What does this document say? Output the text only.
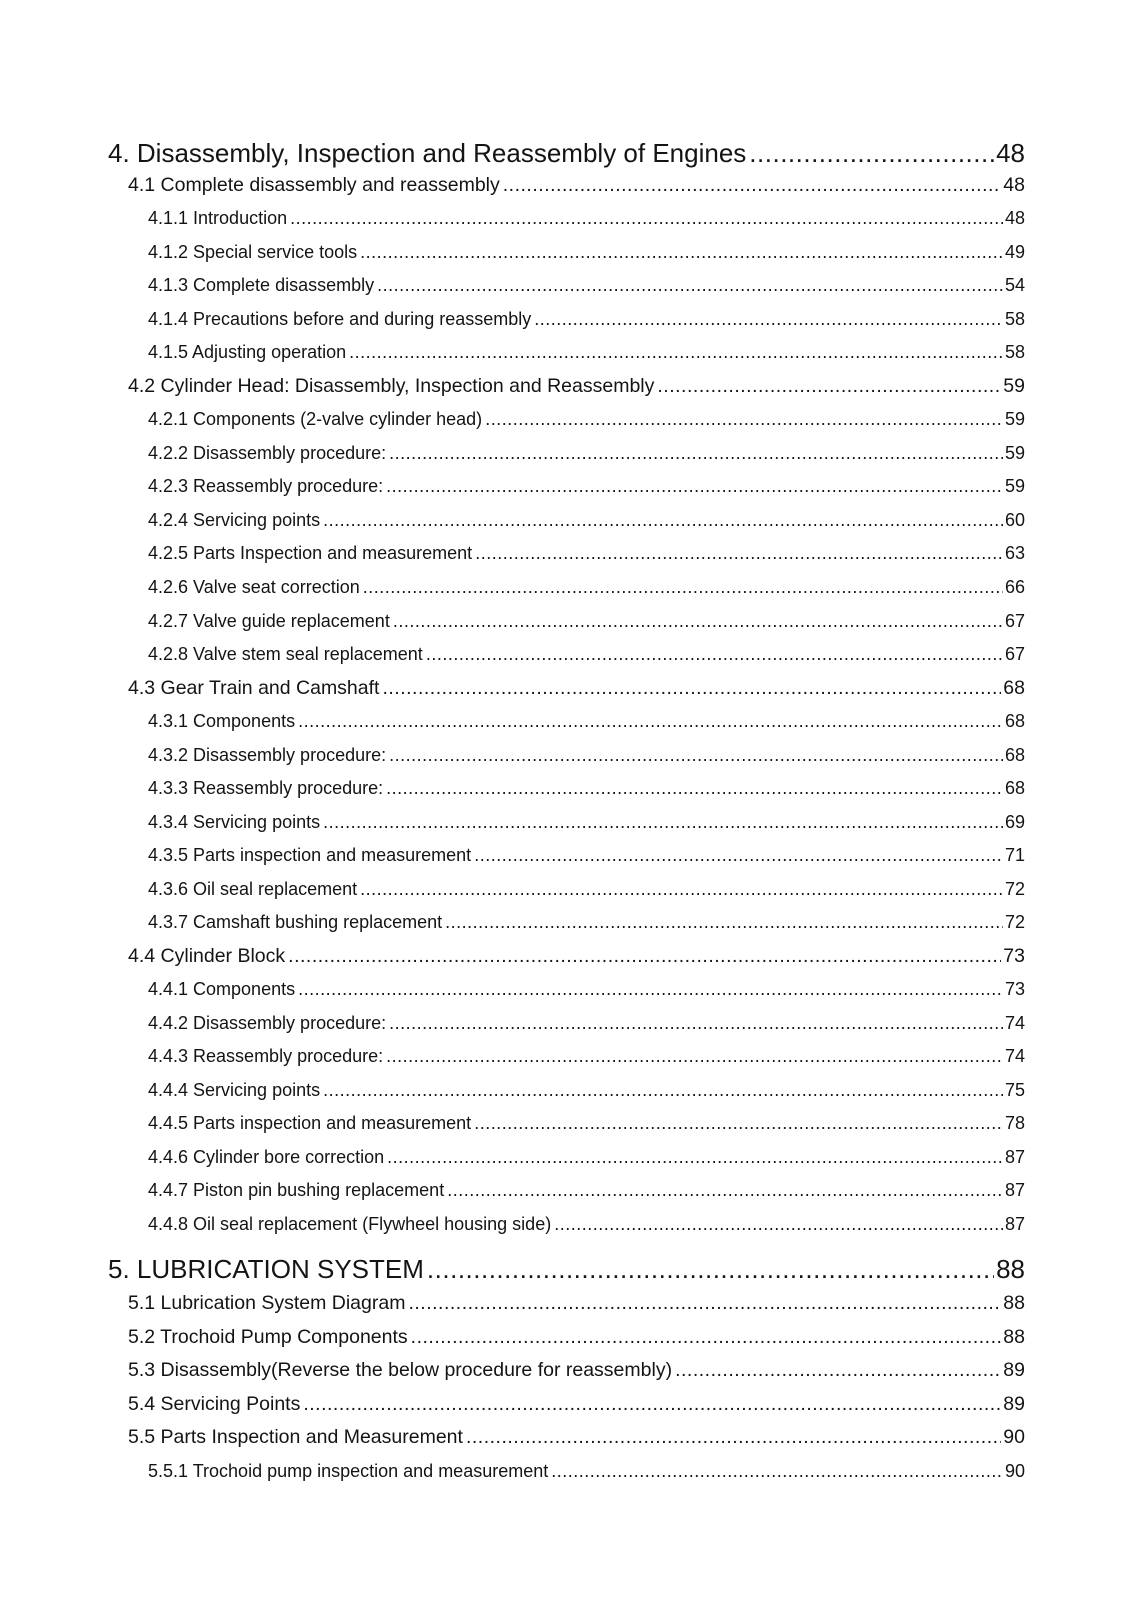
4. Disassembly, Inspection and Reassembly of Engines .....	48
4.1 Complete disassembly and reassembly .....	48
4.1.1 Introduction .....	48
4.1.2 Special service tools .....	49
4.1.3 Complete disassembly .....	54
4.1.4 Precautions before and during reassembly .....	58
4.1.5 Adjusting operation .....	58
4.2 Cylinder Head: Disassembly, Inspection and Reassembly .....	59
4.2.1 Components (2-valve cylinder head) .....	59
4.2.2 Disassembly procedure: .....	59
4.2.3 Reassembly procedure: .....	59
4.2.4 Servicing points .....	60
4.2.5 Parts Inspection and measurement .....	63
4.2.6 Valve seat correction .....	66
4.2.7 Valve guide replacement .....	67
4.2.8 Valve stem seal replacement .....	67
4.3 Gear Train and Camshaft .....	68
4.3.1 Components .....	68
4.3.2 Disassembly procedure: .....	68
4.3.3 Reassembly procedure: .....	68
4.3.4 Servicing points .....	69
4.3.5 Parts inspection and measurement .....	71
4.3.6 Oil seal replacement .....	72
4.3.7 Camshaft bushing replacement .....	72
4.4 Cylinder Block .....	73
4.4.1 Components .....	73
4.4.2 Disassembly procedure: .....	74
4.4.3 Reassembly procedure: .....	74
4.4.4 Servicing points .....	75
4.4.5 Parts inspection and measurement .....	78
4.4.6 Cylinder bore correction .....	87
4.4.7 Piston pin bushing replacement .....	87
4.4.8 Oil seal replacement (Flywheel housing side) .....	87
5. LUBRICATION SYSTEM .....	88
5.1 Lubrication System Diagram .....	88
5.2 Trochoid Pump Components .....	88
5.3 Disassembly(Reverse the below procedure for reassembly) .....	89
5.4 Servicing Points .....	89
5.5 Parts Inspection and Measurement .....	90
5.5.1 Trochoid pump inspection and measurement .....	90
